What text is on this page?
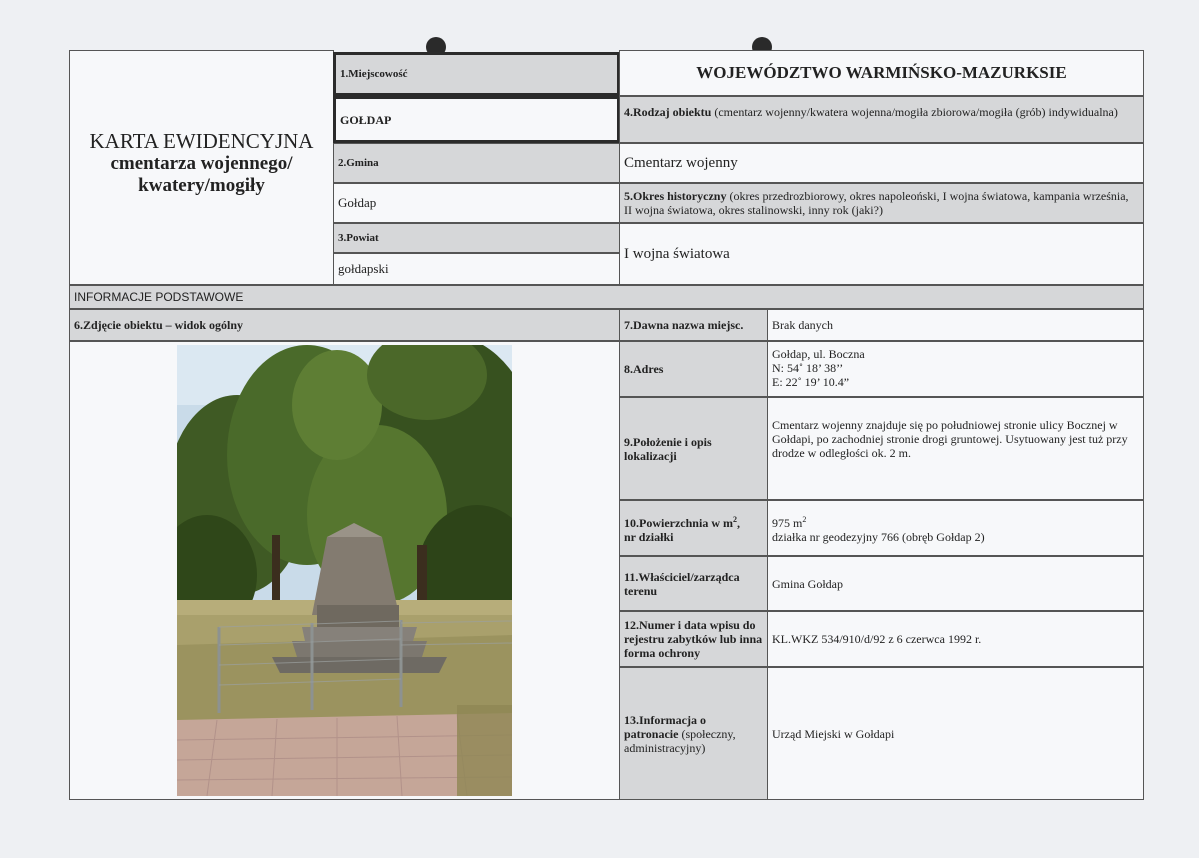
KARTA EWIDENCYJNA
cmentarza wojennego/
kwatery/mogiły
1.Miejscowość
GOŁDAP
2.Gmina
Gołdap
3.Powiat
gołdapski
WOJEWÓDZTWO WARMIŃSKO-MAZURKSIE
4.Rodzaj obiektu (cmentarz wojenny/kwatera wojenna/mogiła zbiorowa/mogiła (grób) indywidualna)
Cmentarz wojenny
5.Okres historyczny (okres przedrozbiorowy, okres napoleoński, I wojna światowa, kampania września, II wojna światowa, okres stalinowski, inny rok (jaki?)
I wojna światowa
INFORMACJE PODSTAWOWE
6.Zdjęcie obiektu – widok ogólny	7.Dawna nazwa miejsc. Brak danych
8.Adres
Gołdap, ul. Boczna
N: 54˚ 18’ 38’’
E: 22˚ 19’ 10.4”
9.Położenie i opis lokalizacji
Cmentarz wojenny znajduje się po południowej stronie ulicy Bocznej w Gołdapi, po zachodniej stronie drogi gruntowej. Usytuowany jest tuż przy drodze w odległości ok. 2 m.
10.Powierzchnia w $m^2$,
nr działki
975 $m^2$
działka nr geodezyjny 766 (obręb Gołdap 2)
11.Właściciel/zarządca terenu	Gmina Gołdap
12.Numer i data wpisu do rejestru zabytków lub inna forma ochrony
KL.WKZ 534/910/d/92 z 6 czerwca 1992 r.
13.Informacja o patronacie (społeczny, administracyjny)
Urząd Miejski w Gołdapi
